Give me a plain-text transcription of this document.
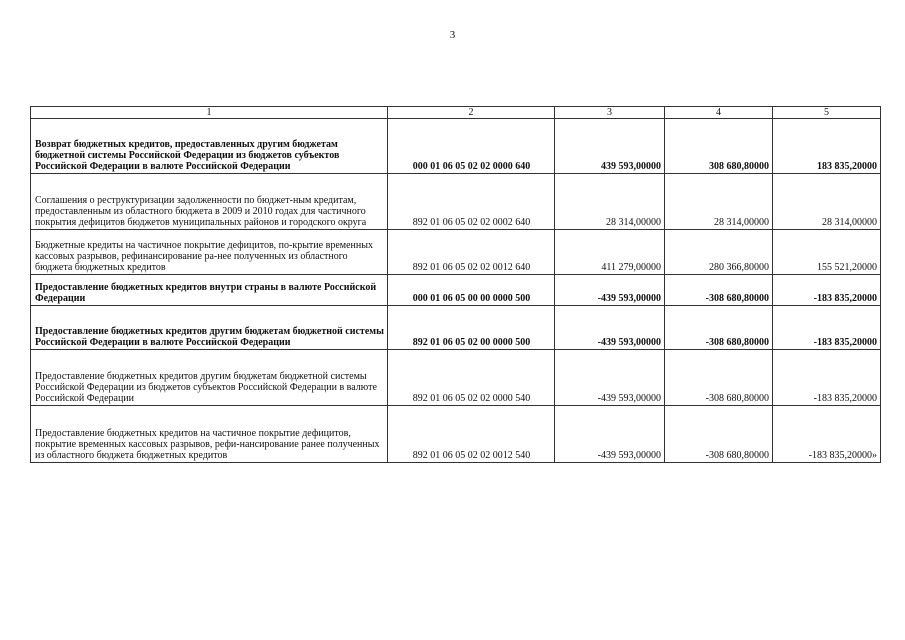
3
1	2	3	4	5
Возврат бюджетных кредитов, предоставленных другим бюджетам бюджетной системы Российской Федерации из бюджетов субъектов Российской Федерации в валюте Российской Федерации	000 01 06 05 02 02 0000 640	439 593,00000	308 680,80000	183 835,20000
Соглашения о реструктуризации задолженности по бюджет-ным кредитам, предоставленным из областного бюджета в 2009 и 2010 годах для частичного покрытия дефицитов бюджетов муниципальных районов и городского округа	892 01 06 05 02 02 0002 640	28 314,00000	28 314,00000	28 314,00000
Бюджетные кредиты на частичное покрытие дефицитов, по-крытие временных кассовых разрывов, рефинансирование ра-нее полученных из областного бюджета бюджетных кредитов	892 01 06 05 02 02 0012 640	411 279,00000	280 366,80000	155 521,20000
Предоставление бюджетных кредитов внутри страны в валюте Российской Федерации	000 01 06 05 00 00 0000 500	-439 593,00000	-308 680,80000	-183 835,20000
Предоставление бюджетных кредитов другим бюджетам бюджетной системы Российской Федерации в валюте Российской Федерации	892 01 06 05 02 00 0000 500	-439 593,00000	-308 680,80000	-183 835,20000
Предоставление бюджетных кредитов другим бюджетам бюджетной системы Российской Федерации из бюджетов субъектов Российской Федерации в валюте Российской Федерации	892 01 06 05 02 02 0000 540	-439 593,00000	-308 680,80000	-183 835,20000
Предоставление бюджетных кредитов на частичное покрытие дефицитов, покрытие временных кассовых разрывов, рефи-нансирование ранее полученных из областного бюджета бюджетных кредитов	892 01 06 05 02 02 0012 540	-439 593,00000	-308 680,80000	-183 835,20000»
